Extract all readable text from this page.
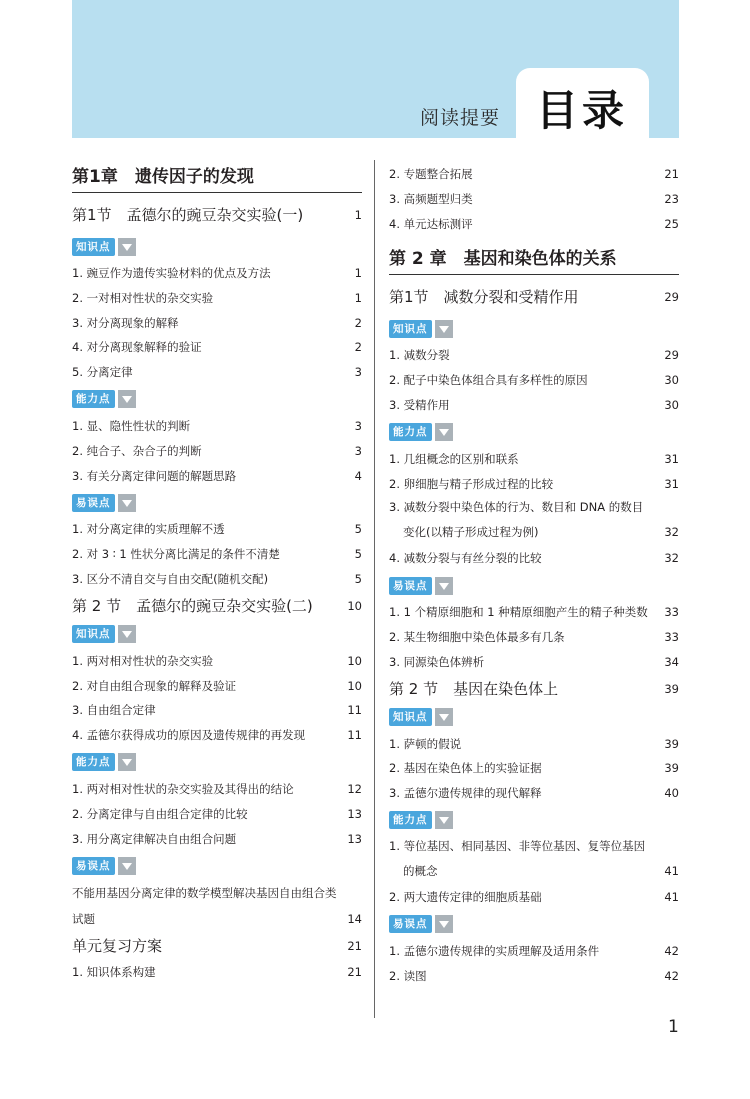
阅读提要 目录
第1章　遗传因子的发现
第1节　孟德尔的豌豆杂交实验(一)	1
知识点
1. 豌豆作为遗传实验材料的优点及方法	1
2. 一对相对性状的杂交实验	1
3. 对分离现象的解释	2
4. 对分离现象解释的验证	2
5. 分离定律	3
能力点
1. 显、隐性性状的判断	3
2. 纯合子、杂合子的判断	3
3. 有关分离定律问题的解题思路	4
易误点
1. 对分离定律的实质理解不透	5
2. 对 3 ∶ 1 性状分离比满足的条件不清楚	5
3. 区分不清自交与自由交配(随机交配)	5
第 2 节　孟德尔的豌豆杂交实验(二)	10
知识点
1. 两对相对性状的杂交实验	10
2. 对自由组合现象的解释及验证	10
3. 自由组合定律	11
4. 孟德尔获得成功的原因及遗传规律的再发现	11
能力点
1. 两对相对性状的杂交实验及其得出的结论	12
2. 分离定律与自由组合定律的比较	13
3. 用分离定律解决自由组合问题	13
易误点
不能用基因分离定律的数学模型解决基因自由组合类
试题	14
单元复习方案	21
1. 知识体系构建	21
2. 专题整合拓展	21
3. 高频题型归类	23
4. 单元达标测评	25
第 2 章　基因和染色体的关系
第1节　减数分裂和受精作用	29
知识点
1. 减数分裂	29
2. 配子中染色体组合具有多样性的原因	30
3. 受精作用	30
能力点
1. 几组概念的区别和联系	31
2. 卵细胞与精子形成过程的比较	31
3. 减数分裂中染色体的行为、数目和 DNA 的数目
变化(以精子形成过程为例)	32
4. 减数分裂与有丝分裂的比较	32
易误点
1. 1 个精原细胞和 1 种精原细胞产生的精子种类数 33
2. 某生物细胞中染色体最多有几条	33
3. 同源染色体辨析	34
第 2 节　基因在染色体上	39
知识点
1. 萨顿的假说	39
2. 基因在染色体上的实验证据	39
3. 孟德尔遗传规律的现代解释	40
能力点
1. 等位基因、相同基因、非等位基因、复等位基因
的概念	41
2. 两大遗传定律的细胞质基础	41
易误点
1. 孟德尔遗传规律的实质理解及适用条件	42
2. 读图	42
1
